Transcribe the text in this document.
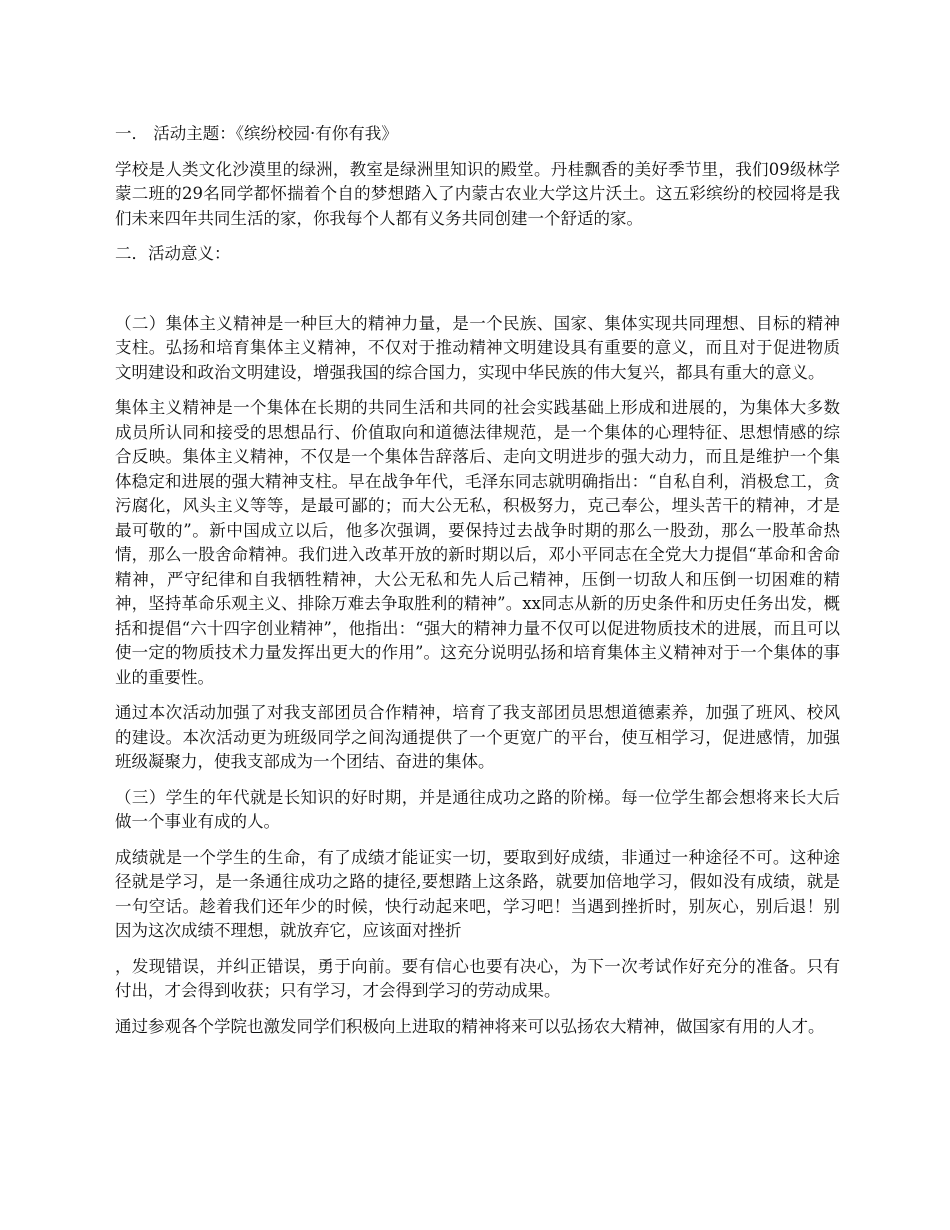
一． 活动主题：《缤纷校园·有你有我》

学校是人类文化沙漠里的绿洲，教室是绿洲里知识的殿堂。丹桂飘香的美好季节里，我们09级林学蒙二班的29名同学都怀揣着个自的梦想踏入了内蒙古农业大学这片沃土。这五彩缤纷的校园将是我们未来四年共同生活的家，你我每个人都有义务共同创建一个舒适的家。

二．活动意义：

（二）集体主义精神是一种巨大的精神力量，是一个民族、国家、集体实现共同理想、目标的精神支柱。弘扬和培育集体主义精神，不仅对于推动精神文明建设具有重要的意义，而且对于促进物质文明建设和政治文明建设，增强我国的综合国力，实现中华民族的伟大复兴，都具有重大的意义。

集体主义精神是一个集体在长期的共同生活和共同的社会实践基础上形成和进展的，为集体大多数成员所认同和接受的思想品行、价值取向和道德法律规范，是一个集体的心理特征、思想情感的综合反映。集体主义精神，不仅是一个集体告辞落后、走向文明进步的强大动力，而且是维护一个集体稳定和进展的强大精神支柱。早在战争年代，毛泽东同志就明确指出：“自私自利，消极怠工，贪污腐化，风头主义等等，是最可鄙的；而大公无私，积极努力，克己奉公，埋头苦干的精神，才是最可敬的”。新中国成立以后，他多次强调，要保持过去战争时期的那么一股劲，那么一股革命热情，那么一股舍命精神。我们进入改革开放的新时期以后，邓小平同志在全党大力提倡“革命和舍命精神，严守纪律和自我牺牲精神，大公无私和先人后己精神，压倒一切敌人和压倒一切困难的精神，坚持革命乐观主义、排除万难去争取胜利的精神”。xx同志从新的历史条件和历史任务出发，概括和提倡“六十四字创业精神”，他指出：“强大的精神力量不仅可以促进物质技术的进展，而且可以使一定的物质技术力量发挥出更大的作用”。这充分说明弘扬和培育集体主义精神对于一个集体的事业的重要性。

通过本次活动加强了对我支部团员合作精神，培育了我支部团员思想道德素养，加强了班风、校风的建设。本次活动更为班级同学之间沟通提供了一个更宽广的平台，使互相学习，促进感情，加强班级凝聚力，使我支部成为一个团结、奋进的集体。

（三）学生的年代就是长知识的好时期，并是通往成功之路的阶梯。每一位学生都会想将来长大后做一个事业有成的人。

成绩就是一个学生的生命，有了成绩才能证实一切，要取到好成绩，非通过一种途径不可。这种途径就是学习，是一条通往成功之路的捷径,要想踏上这条路，就要加倍地学习，假如没有成绩，就是一句空话。趁着我们还年少的时候，快行动起来吧，学习吧！当遇到挫折时，别灰心，别后退！别因为这次成绩不理想，就放弃它，应该面对挫折

，发现错误，并纠正错误，勇于向前。要有信心也要有决心，为下一次考试作好充分的准备。只有付出，才会得到收获；只有学习，才会得到学习的劳动成果。

通过参观各个学院也激发同学们积极向上进取的精神将来可以弘扬农大精神，做国家有用的人才。
